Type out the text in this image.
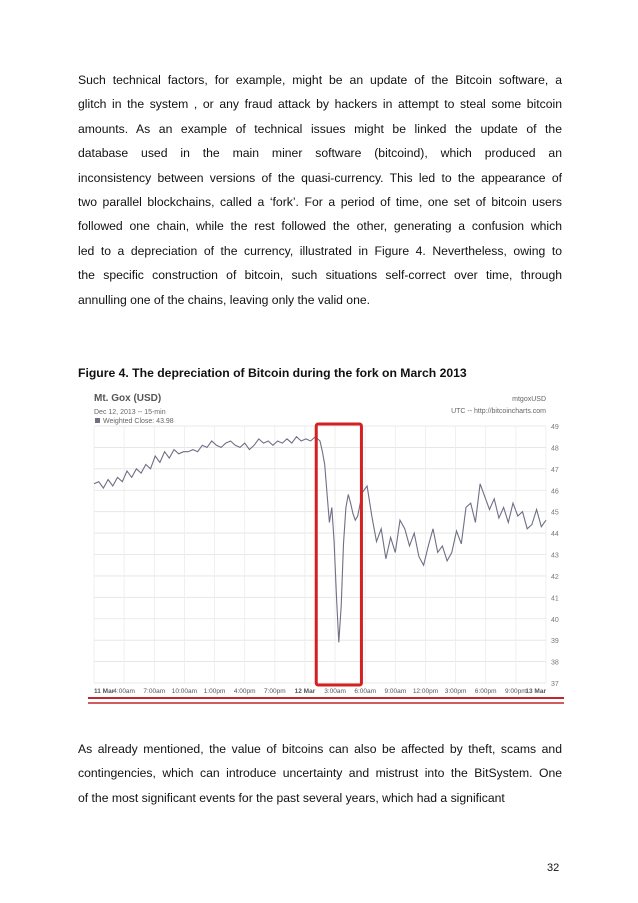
Such technical factors, for example, might be an update of the Bitcoin software, a
glitch in the system , or any fraud attack by hackers in attempt to steal some bitcoin
amounts. As an example of technical issues might be linked the update of the
database used in the main miner software (bitcoind), which produced an
inconsistency between versions of the quasi-currency. This led to the appearance of
two parallel blockchains, called a ‘fork’. For a period of time, one set of bitcoin users
followed one chain, while the rest followed the other, generating a confusion which
led to a depreciation of the currency, illustrated in Figure 4. Nevertheless, owing to
the specific construction of bitcoin, such situations self-correct over time, through
annulling one of the chains, leaving only the valid one.
Figure 4. The depreciation of Bitcoin during the fork on March 2013
Mt. Gox (USD)
Dec 12, 2013 -- 15-min
Weighted Close: 43.98
mtgoxUSD
UTC -- http://bitcoincharts.com
49
48
47
46
45
44
43
42
41
40
39
38
37
11 Mar 4:00am 7:00am 10:00am 1:00pm 4:00pm 7:00pm 12 Mar 3:00am 6:00am 9:00am 12:00pm 3:00pm 6:00pm 9:00pm
13 Mar
As already mentioned, the value of bitcoins can also be affected by theft, scams and
contingencies, which can introduce uncertainty and mistrust into the BitSystem. One
of the most significant events for the past several years, which had a significant
32
